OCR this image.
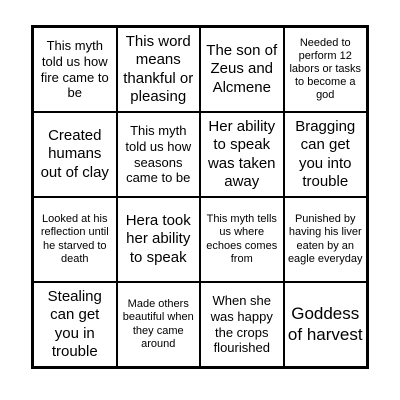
This myth told us how fire came to be
This word means thankful or pleasing
The son of Zeus and Alcmene
Needed to perform 12 labors or tasks to become a god
Created humans out of clay
This myth told us how seasons came to be
Her ability to speak was taken away
Bragging can get you into trouble
Looked at his reflection until he starved to death
Hera took her ability to speak
This myth tells us where echoes comes from
Punished by having his liver eaten by an eagle everyday
Stealing can get you in trouble
Made others beautiful when they came around
When she was happy the crops flourished
Goddess of harvest
